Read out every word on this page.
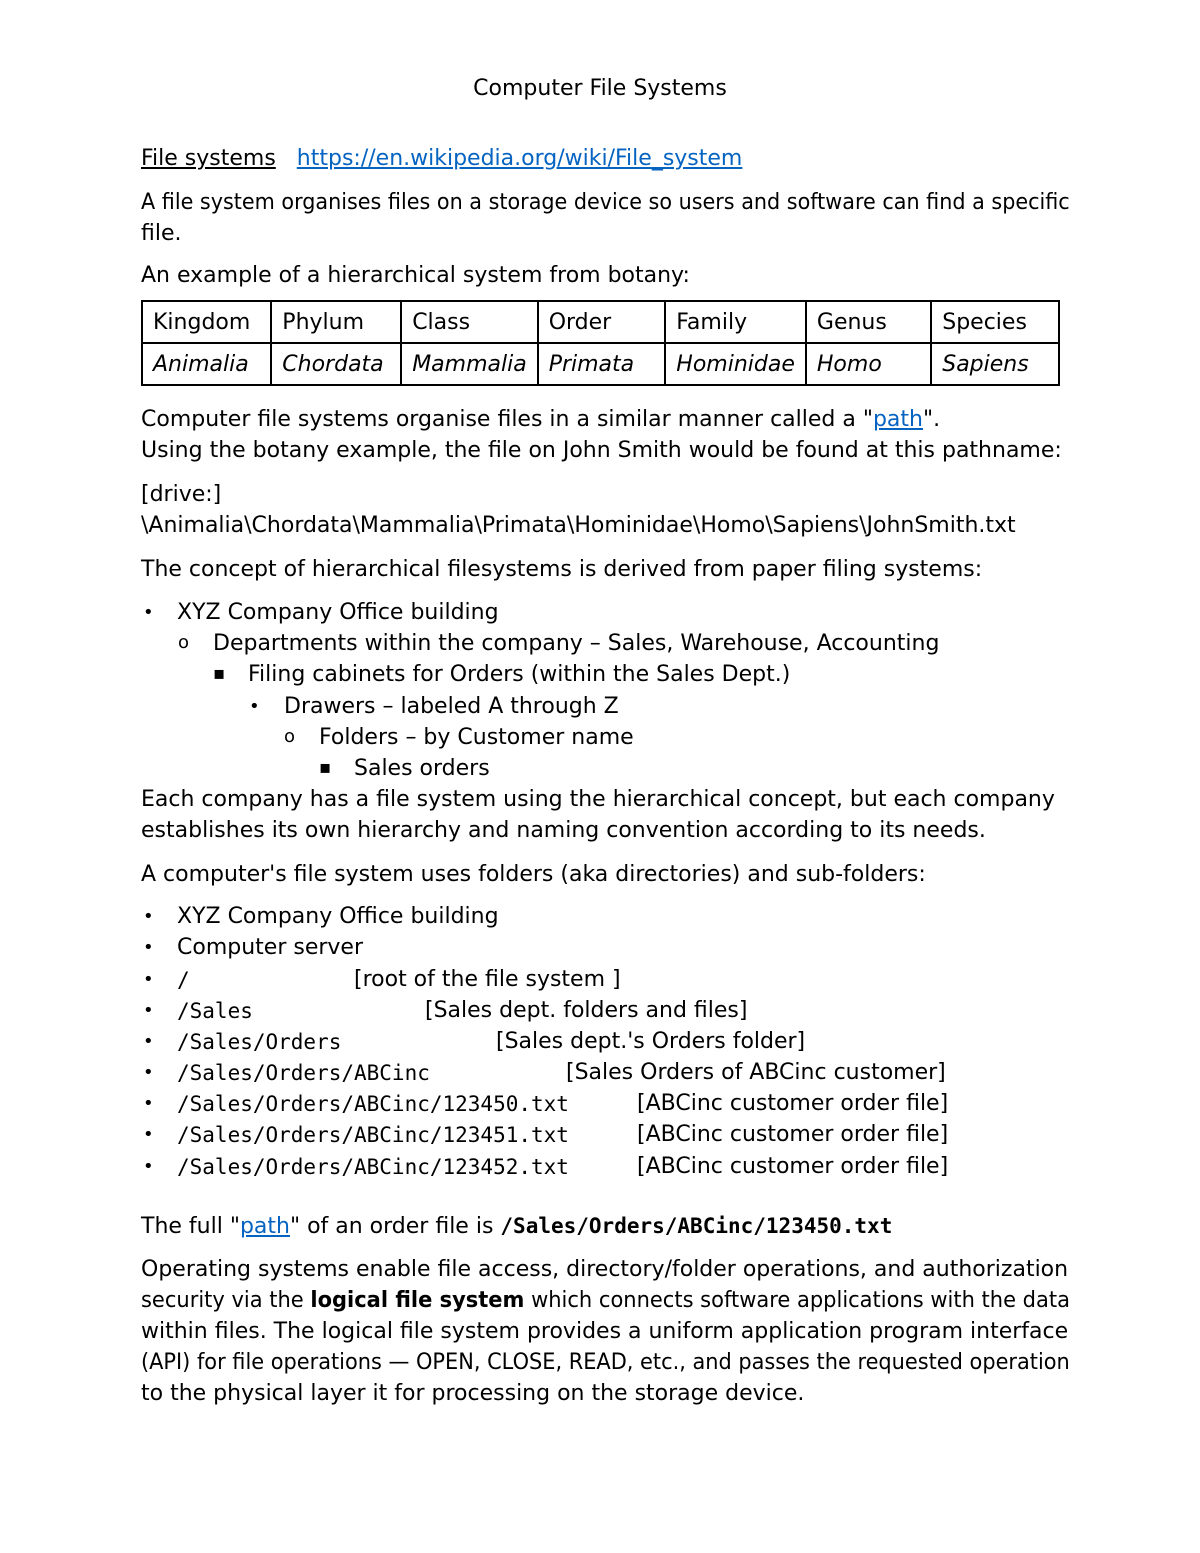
Computer File Systems
File systems https://en.wikipedia.org/wiki/File_system
A file system organises files on a storage device so users and software can find a specific
file.
An example of a hierarchical system from botany:
Kingdom	Phylum	Class	Order	Family	Genus	Species
Animalia	Chordata	Mammalia	Primata	Hominidae	Homo	Sapiens
Computer file systems organise files in a similar manner called a "path".
Using the botany example, the file on John Smith would be found at this pathname:
[drive:]
\Animalia\Chordata\Mammalia\Primata\Hominidae\Homo\Sapiens\JohnSmith.txt
The concept of hierarchical filesystems is derived from paper filing systems:
• XYZ Company Office building
o Departments within the company – Sales, Warehouse, Accounting
▪ Filing cabinets for Orders (within the Sales Dept.)
• Drawers – labeled A through Z
o Folders – by Customer name
▪ Sales orders
Each company has a file system using the hierarchical concept, but each company
establishes its own hierarchy and naming convention according to its needs.
A computer's file system uses folders (aka directories) and sub-folders:
• XYZ Company Office building
• Computer server
• /	[root of the file system ]
• /Sales	[Sales dept. folders and files]
• /Sales/Orders	[Sales dept.'s Orders folder]
• /Sales/Orders/ABCinc	[Sales Orders of ABCinc customer]
• /Sales/Orders/ABCinc/123450.txt	[ABCinc customer order file]
• /Sales/Orders/ABCinc/123451.txt	[ABCinc customer order file]
• /Sales/Orders/ABCinc/123452.txt	[ABCinc customer order file]
The full "path" of an order file is /Sales/Orders/ABCinc/123450.txt
Operating systems enable file access, directory/folder operations, and authorization
security via the logical file system which connects software applications with the data
within files. The logical file system provides a uniform application program interface
(API) for file operations — OPEN, CLOSE, READ, etc., and passes the requested operation
to the physical layer it for processing on the storage device.
